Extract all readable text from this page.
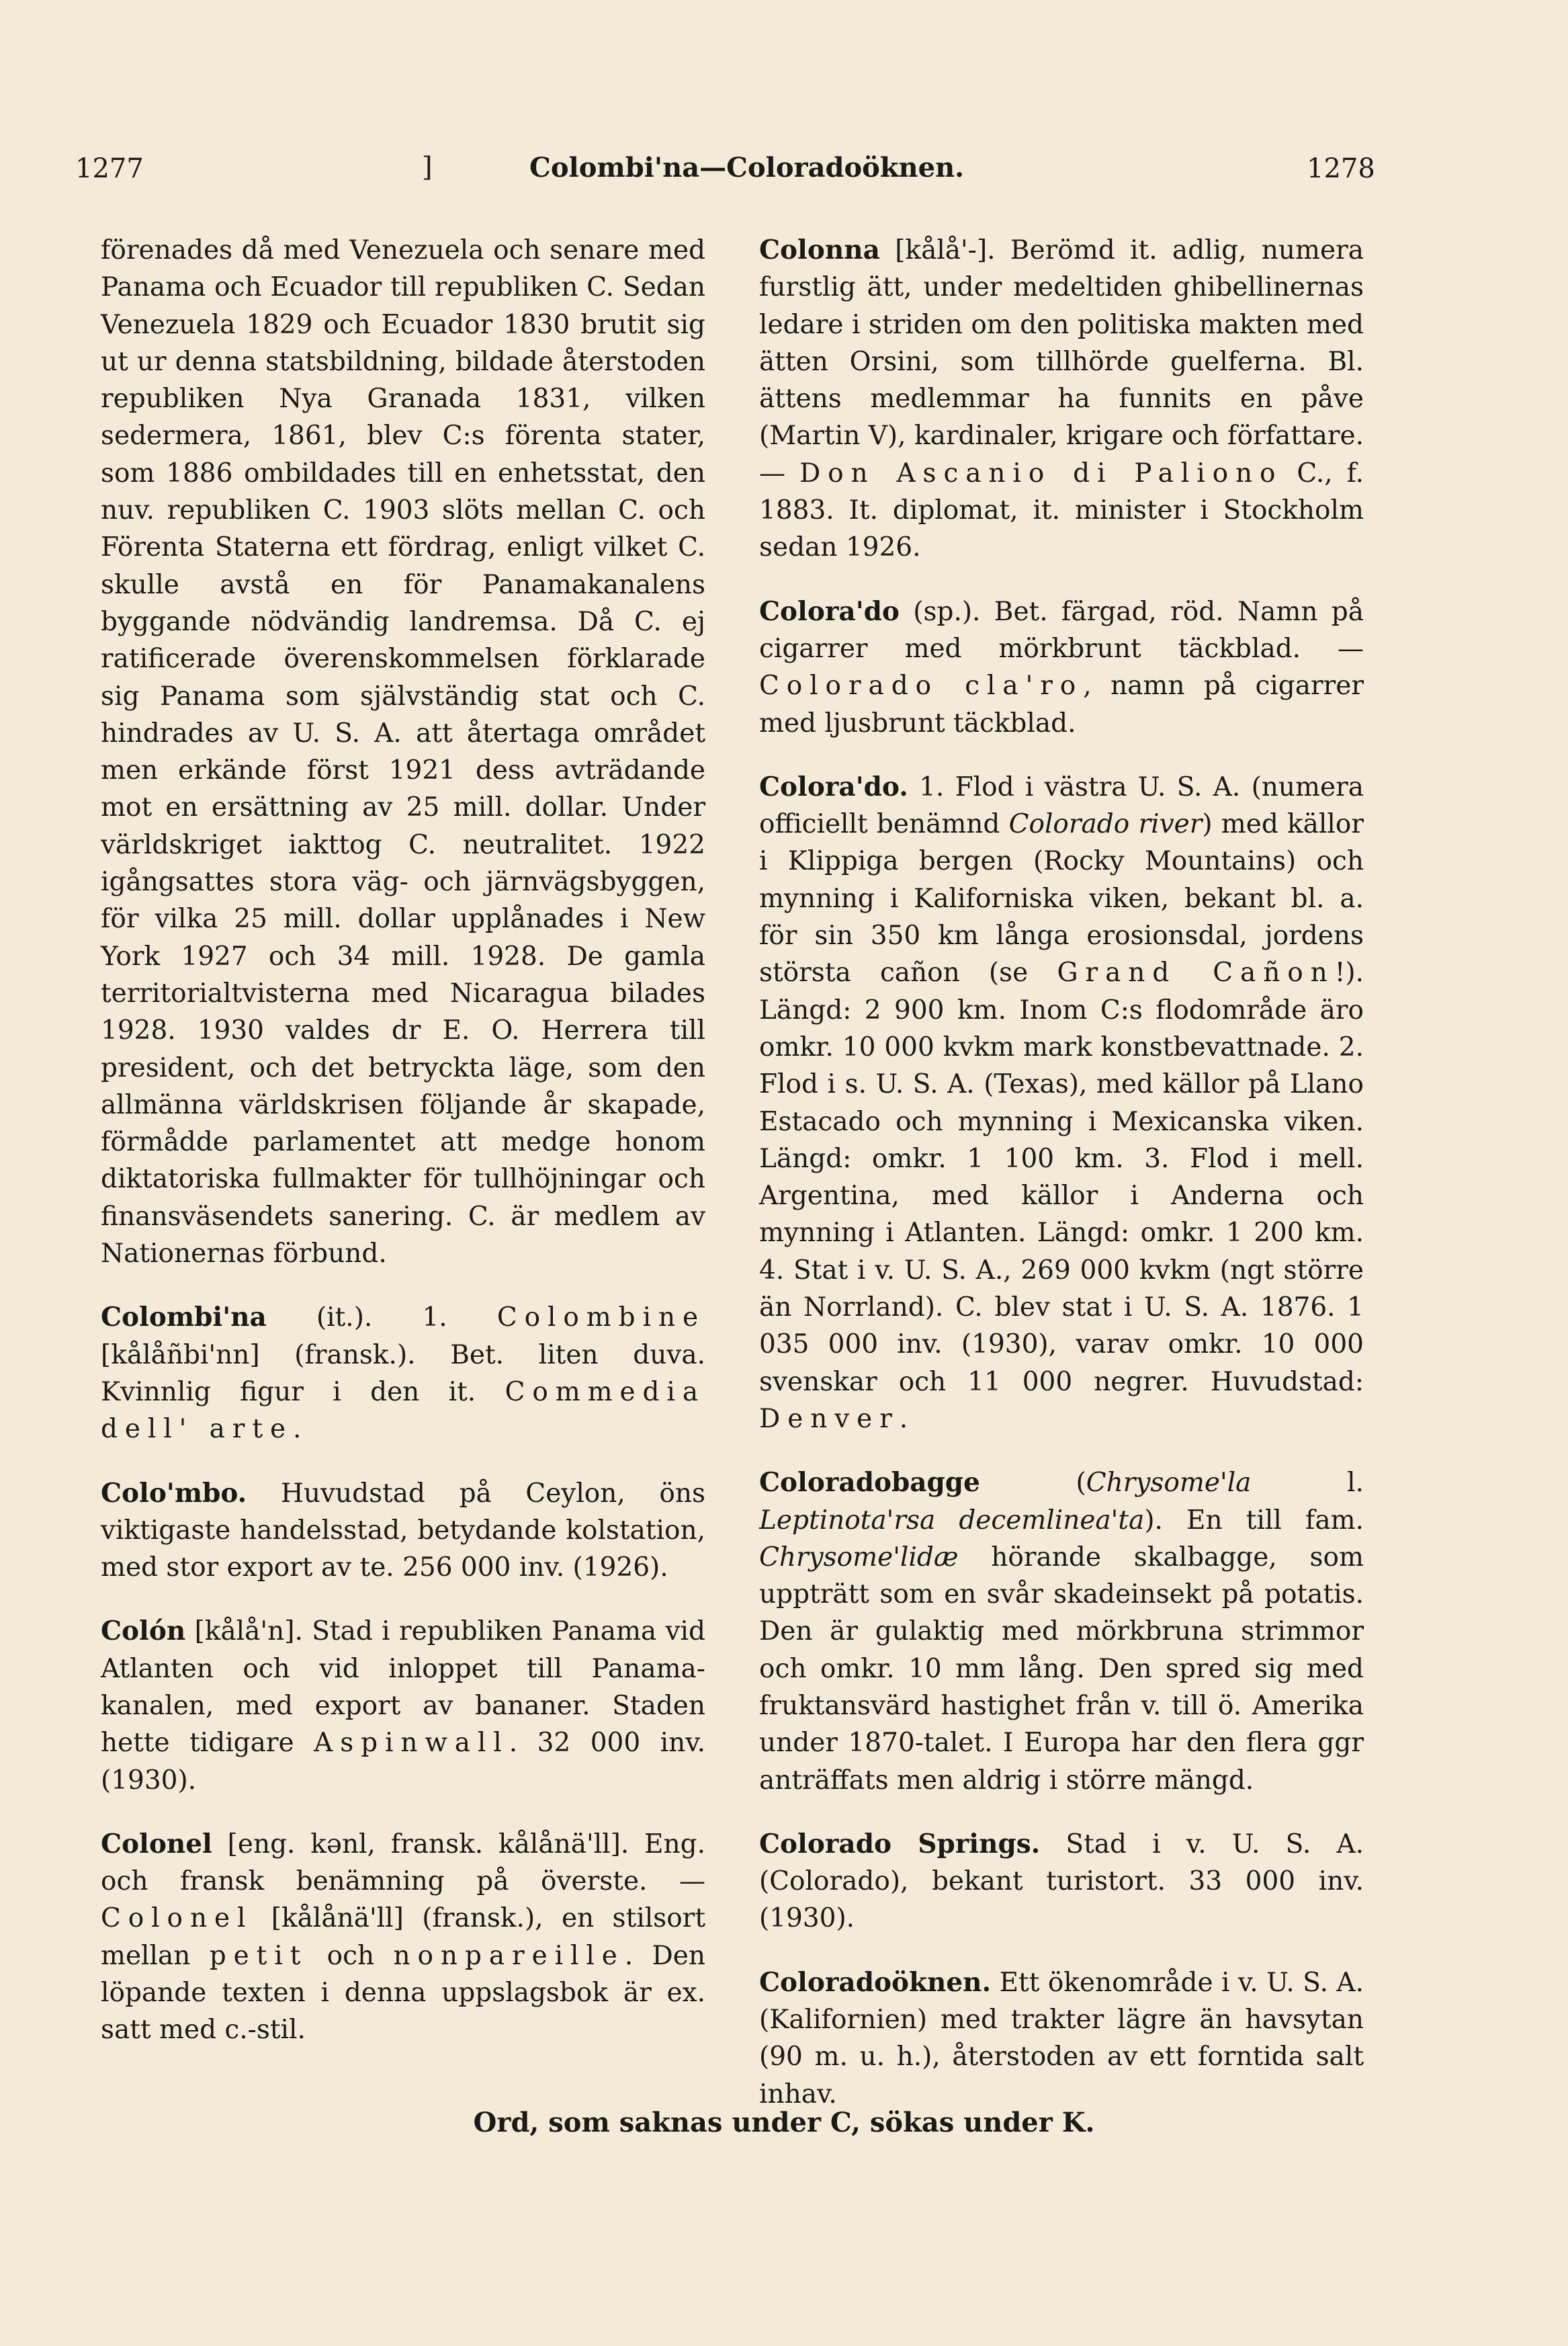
1277	]	Colombi'na—Coloradoöknen.	1278
förenades då med Venezuela och senare med Panama och Ecuador till republiken C. Sedan Venezuela 1829 och Ecuador 1830 brutit sig ut ur denna statsbildning, bildade återstoden republiken Nya Granada 1831, vilken sedermera, 1861, blev C:s förenta stater, som 1886 ombildades till en enhetsstat, den nuv. republiken C. 1903 slöts mellan C. och Förenta Staterna ett fördrag, enligt vilket C. skulle avstå en för Panamakanalens byggande nödvändig landremsa. Då C. ej ratificerade överenskommelsen förklarade sig Panama som självständig stat och C. hindrades av U. S. A. att återtaga området men erkände först 1921 dess avträdande mot en ersättning av 25 mill. dollar. Under världskriget iakttog C. neutralitet. 1922 igångsattes stora väg- och järnvägsbyggen, för vilka 25 mill. dollar upplånades i New York 1927 och 34 mill. 1928. De gamla territorialtvisterna med Nicaragua bilades 1928. 1930 valdes dr E. O. Herrera till president, och det betryckta läge, som den allmänna världskrisen följande år skapade, förmådde parlamentet att medge honom diktatoriska fullmakter för tullhöjningar och finansväsendets sanering. C. är medlem av Nationernas förbund.
Colombi'na (it.). 1. Colombine [kålåñbi'nn] (fransk.). Bet. liten duva. Kvinnlig figur i den it. Commedia dell' arte.
Colo'mbo. Huvudstad på Ceylon, öns viktigaste handelsstad, betydande kolstation, med stor export av te. 256 000 inv. (1926).
Colón [kålå'n]. Stad i republiken Panama vid Atlanten och vid inloppet till Panama-kanalen, med export av bananer. Staden hette tidigare Aspinwall. 32 000 inv. (1930).
Colonel [eng. kənl, fransk. kålånä'll]. Eng. och fransk benämning på överste. — Colonel [kålånä'll] (fransk.), en stilsort mellan petit och nonpareille. Den löpande texten i denna uppslagsbok är ex. satt med c.-stil.
Colonna [kålå'-]. Berömd it. adlig, numera furstlig ätt, under medeltiden ghibellinernas ledare i striden om den politiska makten med ätten Orsini, som tillhörde guelferna. Bl. ättens medlemmar ha funnits en påve (Martin V), kardinaler, krigare och författare. — Don Ascanio di Paliono C., f. 1883. It. diplomat, it. minister i Stockholm sedan 1926.
Colora'do (sp.). Bet. färgad, röd. Namn på cigarrer med mörkbrunt täckblad. — Colorado cla'ro, namn på cigarrer med ljusbrunt täckblad.
Colora'do. 1. Flod i västra U. S. A. (numera officiellt benämnd Colorado river) med källor i Klippiga bergen (Rocky Mountains) och mynning i Kaliforniska viken, bekant bl. a. för sin 350 km långa erosionsdal, jordens största cañon (se Grand Cañon!). Längd: 2 900 km. Inom C:s flodområde äro omkr. 10 000 kvkm mark konstbevattnade. 2. Flod i s. U. S. A. (Texas), med källor på Llano Estacado och mynning i Mexicanska viken. Längd: omkr. 1 100 km. 3. Flod i mell. Argentina, med källor i Anderna och mynning i Atlanten. Längd: omkr. 1 200 km. 4. Stat i v. U. S. A., 269 000 kvkm (ngt större än Norrland). C. blev stat i U. S. A. 1876. 1 035 000 inv. (1930), varav omkr. 10 000 svenskar och 11 000 negrer. Huvudstad: Denver.
Coloradobagge (Chrysome'la l. Leptinota'rsa decemlinea'ta). En till fam. Chrysome'lidæ hörande skalbagge, som uppträtt som en svår skadeinsekt på potatis. Den är gulaktig med mörkbruna strimmor och omkr. 10 mm lång. Den spred sig med fruktansvärd hastighet från v. till ö. Amerika under 1870-talet. I Europa har den flera ggr anträffats men aldrig i större mängd.
Colorado Springs. Stad i v. U. S. A. (Colorado), bekant turistort. 33 000 inv. (1930).
Coloradoöknen. Ett ökenområde i v. U. S. A. (Kalifornien) med trakter lägre än havsytan (90 m. u. h.), återstoden av ett forntida salt inhav.
Ord, som saknas under C, sökas under K.
